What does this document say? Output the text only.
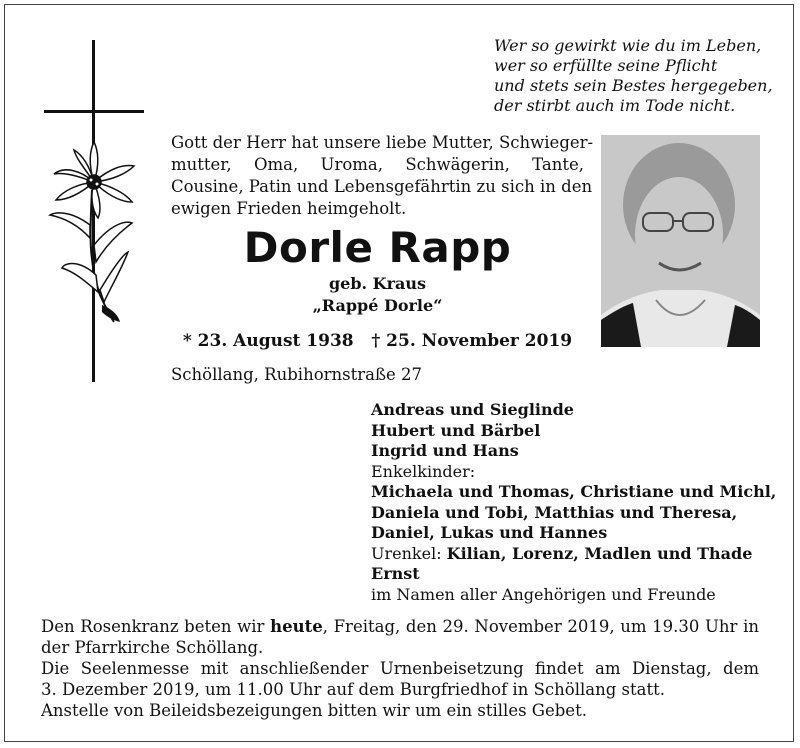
Wer so gewirkt wie du im Leben,
wer so erfüllte seine Pflicht
und stets sein Bestes hergegeben,
der stirbt auch im Tode nicht.
Gott der Herr hat unsere liebe Mutter, Schwieger-
mutter, Oma, Uroma, Schwägerin, Tante,
Cousine, Patin und Lebensgefährtin zu sich in den
ewigen Frieden heimgeholt.
Dorle Rapp
geb. Kraus
„Rappé Dorle“
* 23. August 1938   † 25. November 2019
Schöllang, Rubihornstraße 27
Andreas und Sieglinde
Hubert und Bärbel
Ingrid und Hans
Enkelkinder:
Michaela und Thomas, Christiane und Michl,
Daniela und Tobi, Matthias und Theresa,
Daniel, Lukas und Hannes
Urenkel: Kilian, Lorenz, Madlen und Thade
Ernst
im Namen aller Angehörigen und Freunde
Den Rosenkranz beten wir heute, Freitag, den 29. November 2019, um 19.30 Uhr in
der Pfarrkirche Schöllang.
Die Seelenmesse mit anschließender Urnenbeisetzung findet am Dienstag, dem
3. Dezember 2019, um 11.00 Uhr auf dem Burgfriedhof in Schöllang statt.
Anstelle von Beileidsbezeigungen bitten wir um ein stilles Gebet.
